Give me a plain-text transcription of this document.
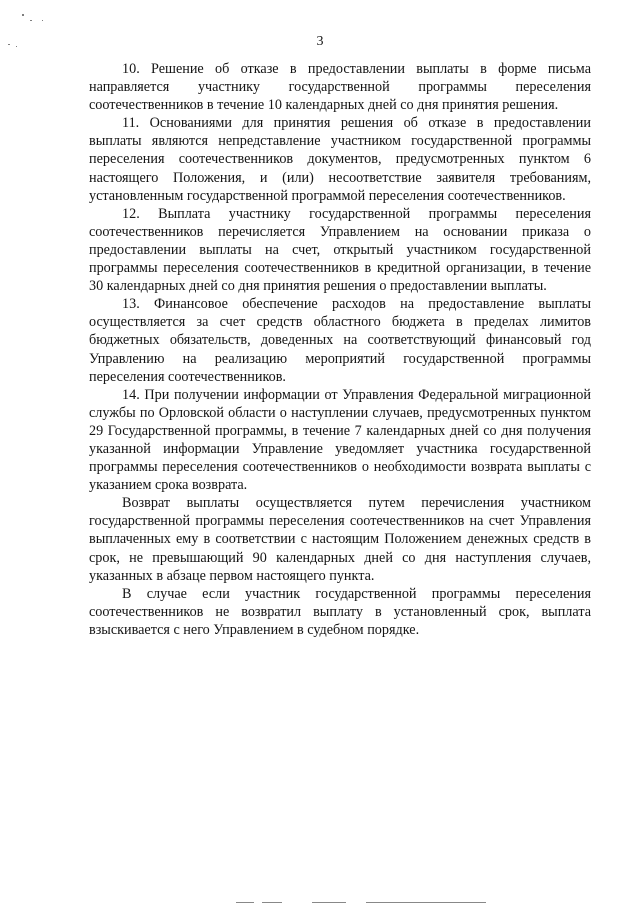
3

10. Решение об отказе в предоставлении выплаты в форме письма направляется участнику государственной программы переселения соотечественников в течение 10 календарных дней со дня принятия решения.

11. Основаниями для принятия решения об отказе в предоставлении выплаты являются непредставление участником государственной программы переселения соотечественников документов, предусмотренных пунктом 6 настоящего Положения, и (или) несоответствие заявителя требованиям, установленным государственной программой переселения соотечественников.

12. Выплата участнику государственной программы переселения соотечественников перечисляется Управлением на основании приказа о предоставлении выплаты на счет, открытый участником государственной программы переселения соотечественников в кредитной организации, в течение 30 календарных дней со дня принятия решения о предоставлении выплаты.

13. Финансовое обеспечение расходов на предоставление выплаты осуществляется за счет средств областного бюджета в пределах лимитов бюджетных обязательств, доведенных на соответствующий финансовый год Управлению на реализацию мероприятий государственной программы переселения соотечественников.

14. При получении информации от Управления Федеральной миграционной службы по Орловской области о наступлении случаев, предусмотренных пунктом 29 Государственной программы, в течение 7 календарных дней со дня получения указанной информации Управление уведомляет участника государственной программы переселения соотечественников о необходимости возврата выплаты с указанием срока возврата.

Возврат выплаты осуществляется путем перечисления участником государственной программы переселения соотечественников на счет Управления выплаченных ему в соответствии с настоящим Положением денежных средств в срок, не превышающий 90 календарных дней со дня наступления случаев, указанных в абзаце первом настоящего пункта.

В случае если участник государственной программы переселения соотечественников не возвратил выплату в установленный срок, выплата взыскивается с него Управлением в судебном порядке.
